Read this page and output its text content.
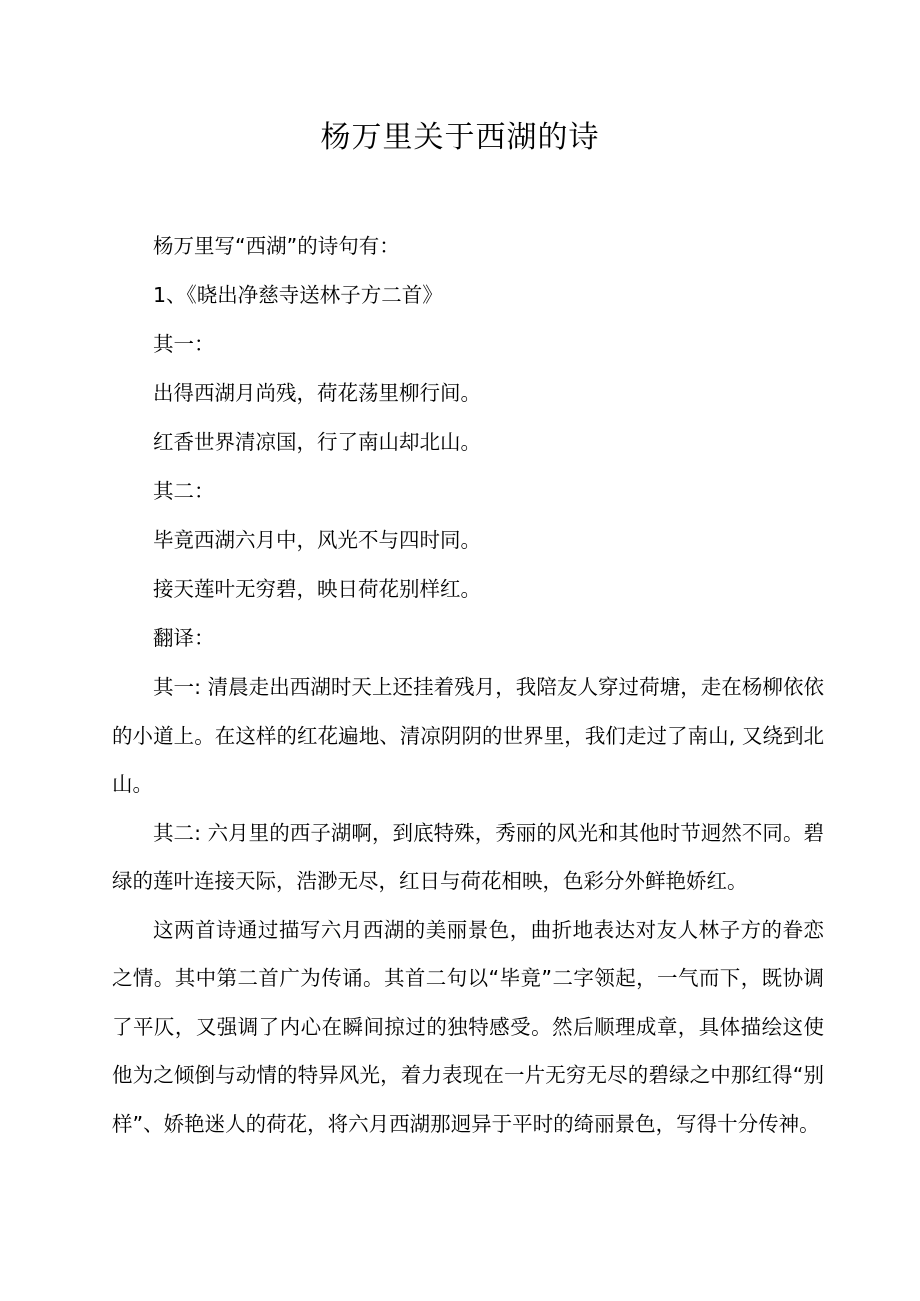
杨万里关于西湖的诗
杨万里写“西湖”的诗句有：
1、《晓出净慈寺送林子方二首》
其一：
出得西湖月尚残，荷花荡里柳行间。
红香世界清凉国，行了南山却北山。
其二：
毕竟西湖六月中，风光不与四时同。
接天莲叶无穷碧，映日荷花别样红。
翻译：
其一: 清晨走出西湖时天上还挂着残月，我陪友人穿过荷塘，走在杨柳依依的小道上。在这样的红花遍地、清凉阴阴的世界里，我们走过了南山, 又绕到北山。
其二: 六月里的西子湖啊，到底特殊，秀丽的风光和其他时节迥然不同。碧绿的莲叶连接天际，浩渺无尽，红日与荷花相映，色彩分外鲜艳娇红。
这两首诗通过描写六月西湖的美丽景色，曲折地表达对友人林子方的眷恋之情。其中第二首广为传诵。其首二句以“毕竟”二字领起，一气而下，既协调了平仄，又强调了内心在瞬间掠过的独特感受。然后顺理成章，具体描绘这使他为之倾倒与动情的特异风光，着力表现在一片无穷无尽的碧绿之中那红得“别样”、娇艳迷人的荷花，将六月西湖那迥异于平时的绮丽景色，写得十分传神。
